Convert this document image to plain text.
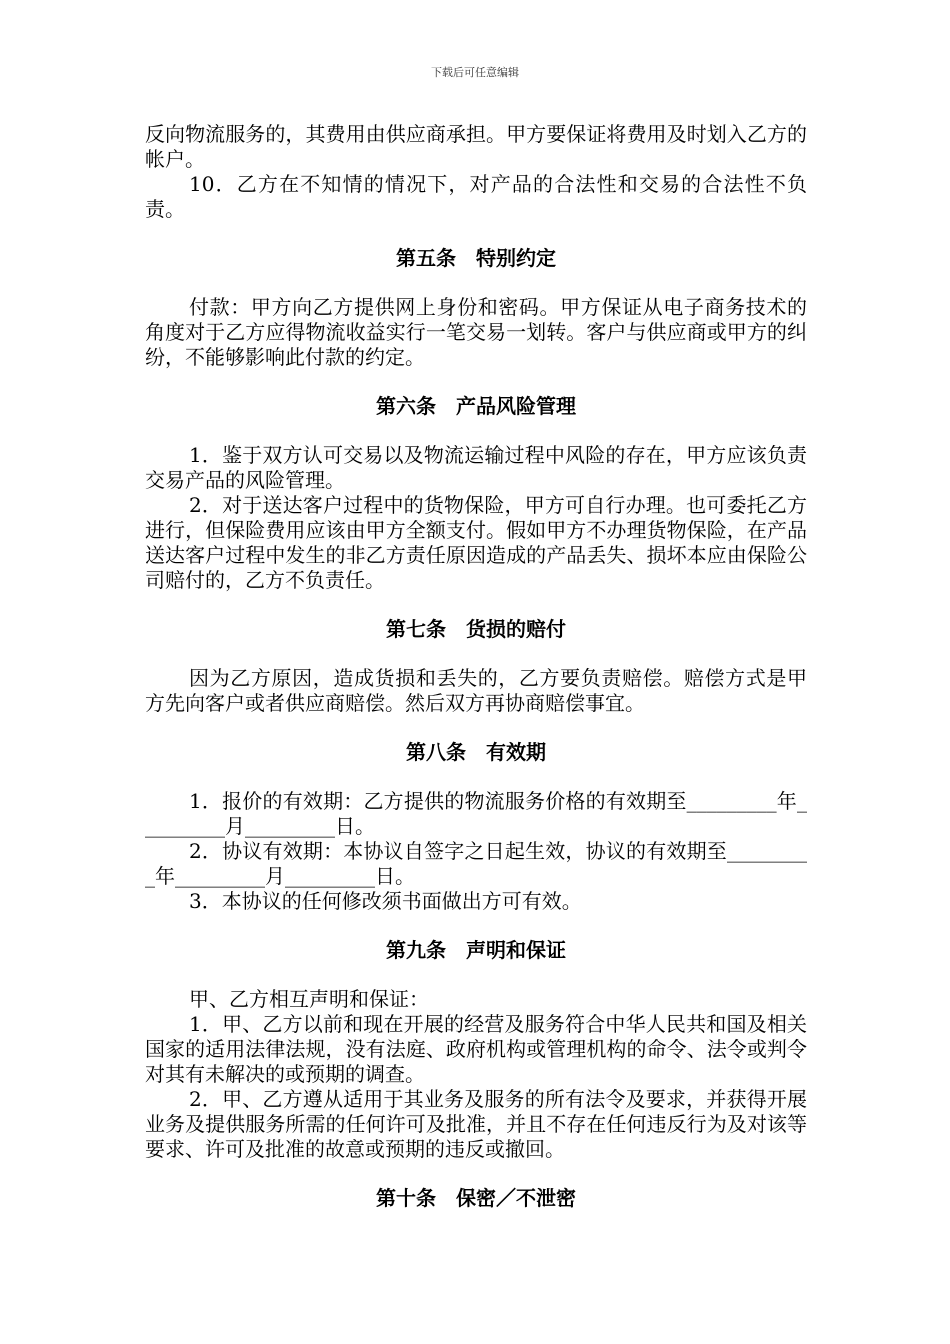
下载后可任意编辑

反向物流服务的，其费用由供应商承担。甲方要保证将费用及时划入乙方的帐户。

10．乙方在不知情的情况下，对产品的合法性和交易的合法性不负责。

第五条　特别约定

付款：甲方向乙方提供网上身份和密码。甲方保证从电子商务技术的角度对于乙方应得物流收益实行一笔交易一划转。客户与供应商或甲方的纠纷，不能够影响此付款的约定。

第六条　产品风险管理

1．鉴于双方认可交易以及物流运输过程中风险的存在，甲方应该负责交易产品的风险管理。

2．对于送达客户过程中的货物保险，甲方可自行办理。也可委托乙方进行，但保险费用应该由甲方全额支付。假如甲方不办理货物保险，在产品送达客户过程中发生的非乙方责任原因造成的产品丢失、损坏本应由保险公司赔付的，乙方不负责任。

第七条　货损的赔付

因为乙方原因，造成货损和丢失的，乙方要负责赔偿。赔偿方式是甲方先向客户或者供应商赔偿。然后双方再协商赔偿事宜。

第八条　有效期

1．报价的有效期：乙方提供的物流服务价格的有效期至_________年_________月_________日。

2．协议有效期：本协议自签字之日起生效，协议的有效期至_________年_________月_________日。

3．本协议的任何修改须书面做出方可有效。

第九条　声明和保证

甲、乙方相互声明和保证：

1．甲、乙方以前和现在开展的经营及服务符合中华人民共和国及相关国家的适用法律法规，没有法庭、政府机构或管理机构的命令、法令或判令对其有未解决的或预期的调查。

2．甲、乙方遵从适用于其业务及服务的所有法令及要求，并获得开展业务及提供服务所需的任何许可及批准，并且不存在任何违反行为及对该等要求、许可及批准的故意或预期的违反或撤回。

第十条　保密／不泄密
